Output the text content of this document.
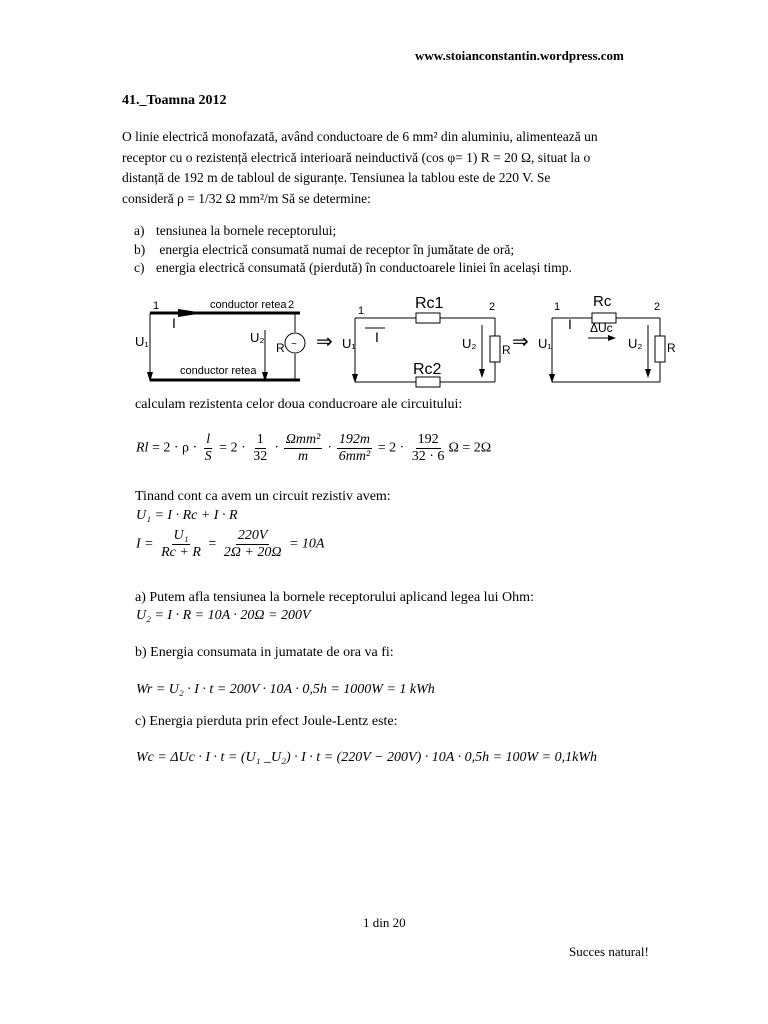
www.stoianconstantin.wordpress.com
41._Toamna 2012
O linie electrică monofazată, având conductoare de 6 mm² din aluminiu, alimentează un
receptor cu o rezistență electrică interioară neinductivă (cos φ= 1) R = 20 Ω, situat la o
distanță de 192 m de tabloul de siguranțe. Tensiunea la tablou este de 220 V. Se
consideră ρ = 1/32 Ω mm²/m Să se determine:
a) tensiunea la bornele receptorului;
b) energia electrică consumată numai de receptor în jumătate de oră;
c) energia electrică consumată (pierdută) în conductoarele liniei în același timp.
~
1	2
conductor retea
conductor retea
I
U₁	U₂
R ⇒
1	2
Rc1
Rc2
I
U₁	U₂ R ⇒
1	2
Rc
ΔUc
I
U₁	U₂ R
calculam rezistenta celor doua conducroare ale circuitului:
$Rl = 2 \cdot \rho \cdot \frac{l}{S} = 2 \cdot \frac{1}{32} \cdot \frac{\text{Ωmm²}}{m} \cdot \frac{192m}{\text{6mm²}} = 2 \cdot \frac{192}{32 \cdot 6}$ Ω = 2Ω
Tinand cont ca avem un circuit rezistiv avem:
U₁ = I · Rc + I · R
$I = \frac{\text{U₁}}{Rc + R} = \frac{220V}{2\Omega + 20\Omega} = 10A$
a) Putem afla tensiunea la bornele receptorului aplicand legea lui Ohm:
U₂ = I · R = 10A · 20Ω = 200V
b) Energia consumata in jumatate de ora va fi:
Wr = U₂ · I · t = 200V · 10A · 0,5h = 1000W = 1 kWh
c) Energia pierduta prin efect Joule-Lentz este:
Wc = ΔUc · I · t = (U₁ _U₂) · I · t = (220V − 200V) · 10A · 0,5h = 100W = 0,1kWh
1 din 20
Succes natural!
